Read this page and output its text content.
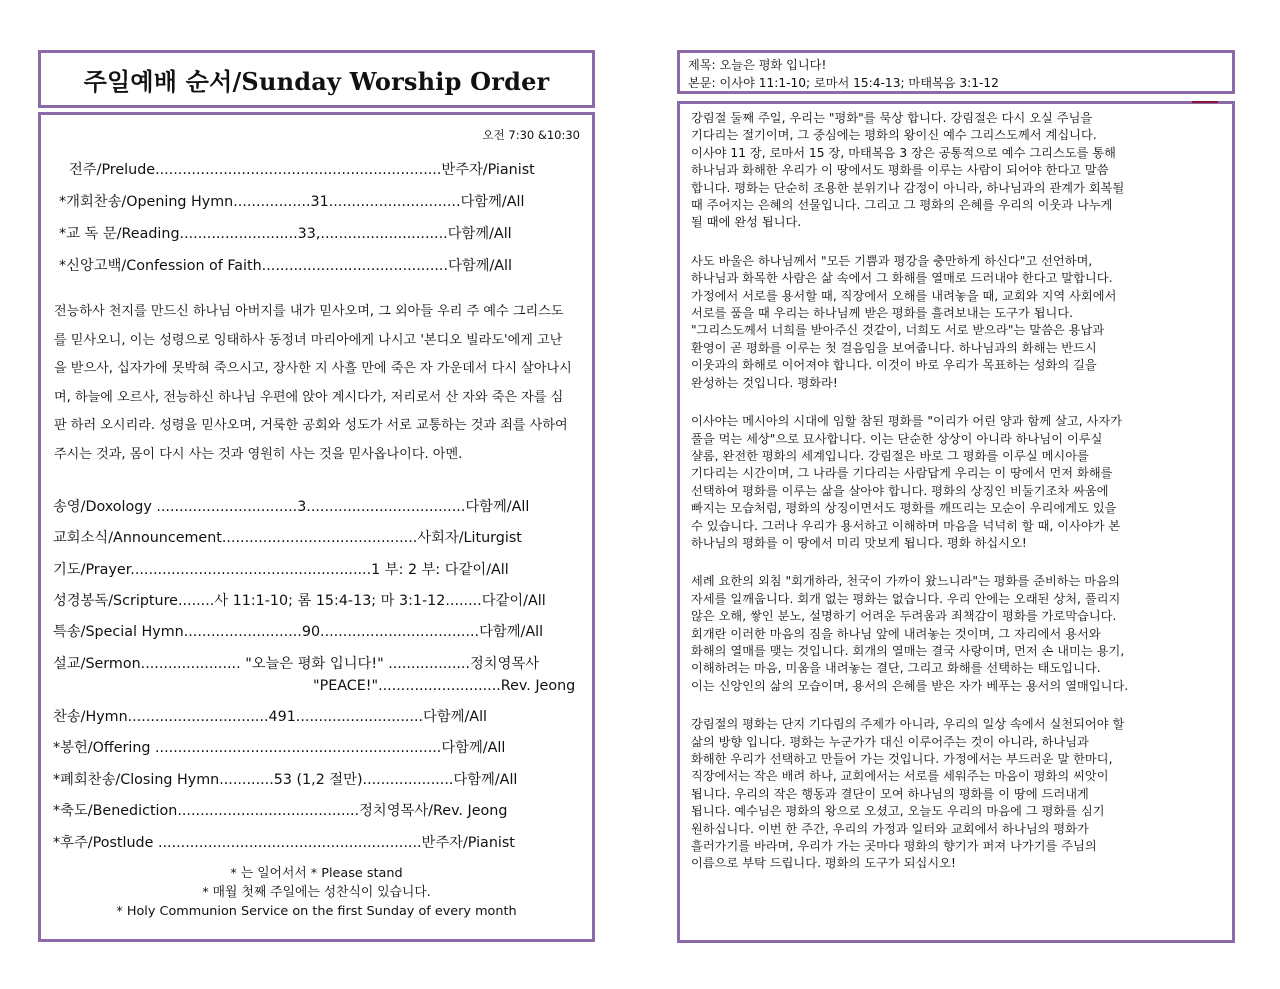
주일예배 순서/Sunday Worship Order
오전 7:30 &10:30
전주/Prelude...............................................................반주자/Pianist
*개회찬송/Opening Hymn.................31.............................다함께/All
*교 독 문/Reading..........................33,............................다함께/All
*신앙고백/Confession of Faith.........................................다함께/All
전능하사 천지를 만드신 하나님 아버지를 내가 믿사오며, 그 외아들 우리 주 예수 그리스도를 믿사오니, 이는 성령으로 잉태하사 동정녀 마리아에게 나시고 '본디오 빌라도'에게 고난을 받으사, 십자가에 못박혀 죽으시고, 장사한 지 사흘 만에 죽은 자 가운데서 다시 살아나시며, 하늘에 오르사, 전능하신 하나님 우편에 앉아 계시다가, 저리로서 산 자와 죽은 자를 심판 하러 오시리라. 성령을 믿사오며, 거룩한 공회와 성도가 서로 교통하는 것과 죄를 사하여 주시는 것과, 몸이 다시 사는 것과 영원히 사는 것을 믿사옵나이다. 아멘.
송영/Doxology ...............................3...................................다함께/All
교회소식/Announcement...........................................사회자/Liturgist
기도/Prayer.....................................................1 부: 2 부: 다같이/All
성경봉독/Scripture........사 11:1-10; 롬 15:4-13; 마 3:1-12........다같이/All
특송/Special Hymn..........................90...................................다함께/All
설교/Sermon...................... "오늘은 평화 입니다!" ..................정치영목사
"PEACE!"...........................Rev. Jeong
찬송/Hymn...............................491............................다함께/All
*봉헌/Offering ...............................................................다함께/All
*폐회찬송/Closing Hymn............53 (1,2 절만)....................다함께/All
*축도/Benediction........................................정치영목사/Rev. Jeong
*후주/Postlude ..........................................................반주자/Pianist
* 는 일어서서 * Please stand
* 매월 첫째 주일에는 성찬식이 있습니다.
* Holy Communion Service on the first Sunday of every month
제목: 오늘은 평화 입니다!
본문: 이사야 11:1-10; 로마서 15:4-13; 마태복음 3:1-12

강림절 둘째 주일, 우리는 "평화"를 묵상 합니다. 강림절은 다시 오실 주님을
기다리는 절기이며, 그 중심에는 평화의 왕이신 예수 그리스도께서 계십니다.
이사야 11 장, 로마서 15 장, 마태복음 3 장은 공통적으로 예수 그리스도를 통해
하나님과 화해한 우리가 이 땅에서도 평화를 이루는 사람이 되어야 한다고 말씀
합니다. 평화는 단순히 조용한 분위기나 감정이 아니라, 하나님과의 관계가 회복될
때 주어지는 은혜의 선물입니다. 그리고 그 평화의 은혜를 우리의 이웃과 나누게
될 때에 완성 됩니다.

사도 바울은 하나님께서 "모든 기쁨과 평강을 충만하게 하신다"고 선언하며,
하나님과 화목한 사람은 삶 속에서 그 화해를 열매로 드러내야 한다고 말합니다.
가정에서 서로를 용서할 때, 직장에서 오해를 내려놓을 때, 교회와 지역 사회에서
서로를 품을 때 우리는 하나님께 받은 평화를 흘려보내는 도구가 됩니다.
"그리스도께서 너희를 받아주신 것같이, 너희도 서로 받으라"는 말씀은 용납과
환영이 곧 평화를 이루는 첫 걸음임을 보여줍니다. 하나님과의 화해는 반드시
이웃과의 화해로 이어져야 합니다. 이것이 바로 우리가 목표하는 성화의 길을
완성하는 것입니다. 평화라!

이사야는 메시아의 시대에 임할 참된 평화를 "이리가 어린 양과 함께 살고, 사자가
풀을 먹는 세상"으로 묘사합니다. 이는 단순한 상상이 아니라 하나님이 이루실
샬롬, 완전한 평화의 세계입니다. 강림절은 바로 그 평화를 이루실 메시아를
기다리는 시간이며, 그 나라를 기다리는 사람답게 우리는 이 땅에서 먼저 화해를
선택하여 평화를 이루는 삶을 살아야 합니다. 평화의 상징인 비둘기조차 싸움에
빠지는 모습처럼, 평화의 상징이면서도 평화를 깨뜨리는 모순이 우리에게도 있을
수 있습니다. 그러나 우리가 용서하고 이해하며 마음을 넉넉히 할 때, 이사야가 본
하나님의 평화를 이 땅에서 미리 맛보게 됩니다. 평화 하십시오!

세례 요한의 외침 "회개하라, 천국이 가까이 왔느니라"는 평화를 준비하는 마음의
자세를 일깨웁니다. 회개 없는 평화는 없습니다. 우리 안에는 오래된 상처, 풀리지
않은 오해, 쌓인 분노, 설명하기 어려운 두려움과 죄책감이 평화를 가로막습니다.
회개란 이러한 마음의 짐을 하나님 앞에 내려놓는 것이며, 그 자리에서 용서와
화해의 열매를 맺는 것입니다. 회개의 열매는 결국 사랑이며, 먼저 손 내미는 용기,
이해하려는 마음, 미움을 내려놓는 결단, 그리고 화해를 선택하는 태도입니다.
이는 신앙인의 삶의 모습이며, 용서의 은혜를 받은 자가 베푸는 용서의 열매입니다.

강림절의 평화는 단지 기다림의 주제가 아니라, 우리의 일상 속에서 실천되어야 할
삶의 방향 입니다. 평화는 누군가가 대신 이루어주는 것이 아니라, 하나님과
화해한 우리가 선택하고 만들어 가는 것입니다. 가정에서는 부드러운 말 한마디,
직장에서는 작은 배려 하나, 교회에서는 서로를 세워주는 마음이 평화의 씨앗이
됩니다. 우리의 작은 행동과 결단이 모여 하나님의 평화를 이 땅에 드러내게
됩니다. 예수님은 평화의 왕으로 오셨고, 오늘도 우리의 마음에 그 평화를 심기
원하십니다. 이번 한 주간, 우리의 가정과 일터와 교회에서 하나님의 평화가
흘러가기를 바라며, 우리가 가는 곳마다 평화의 향기가 퍼져 나가기를 주님의
이름으로 부탁 드립니다. 평화의 도구가 되십시오!
